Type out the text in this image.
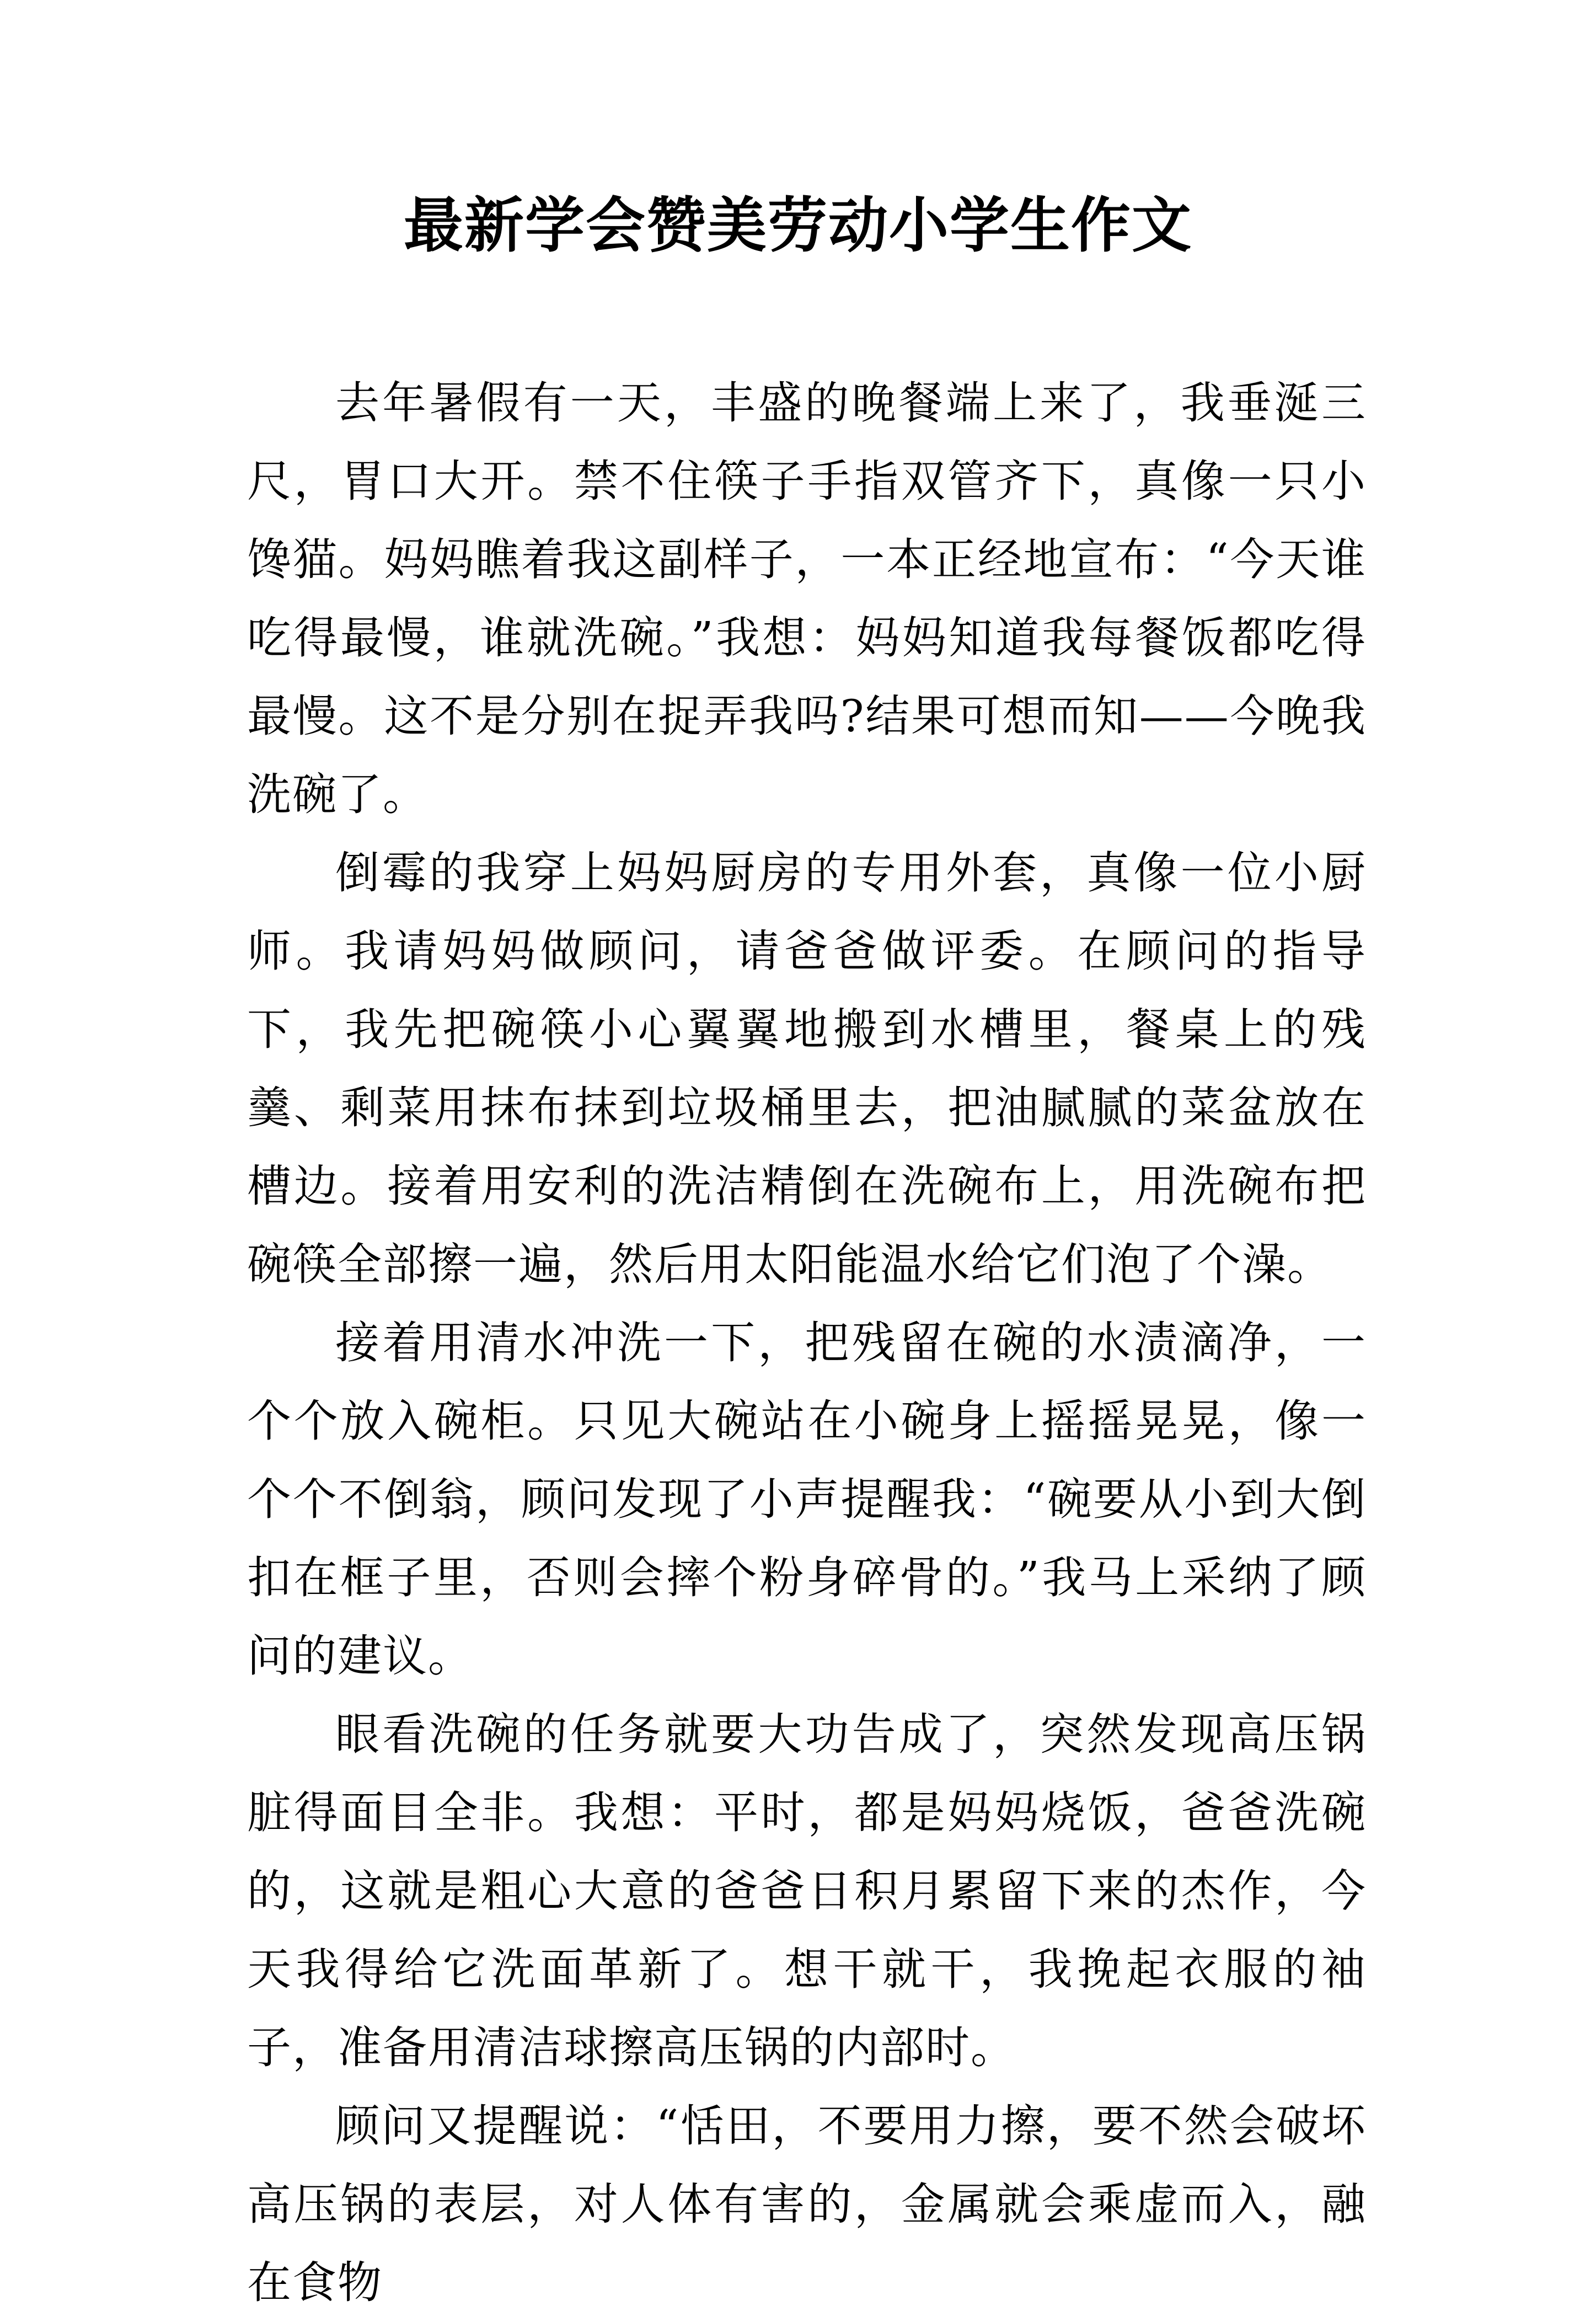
最新学会赞美劳动小学生作文

去年暑假有一天，丰盛的晚餐端上来了，我垂涎三尺，胃口大开。禁不住筷子手指双管齐下，真像一只小馋猫。妈妈瞧着我这副样子，一本正经地宣布：“今天谁吃得最慢，谁就洗碗。”我想：妈妈知道我每餐饭都吃得最慢。这不是分别在捉弄我吗?结果可想而知——今晚我洗碗了。

倒霉的我穿上妈妈厨房的专用外套，真像一位小厨师。我请妈妈做顾问，请爸爸做评委。在顾问的指导下，我先把碗筷小心翼翼地搬到水槽里，餐桌上的残羹、剩菜用抹布抹到垃圾桶里去，把油腻腻的菜盆放在槽边。接着用安利的洗洁精倒在洗碗布上，用洗碗布把碗筷全部擦一遍，然后用太阳能温水给它们泡了个澡。

接着用清水冲洗一下，把残留在碗的水渍滴净，一个个放入碗柜。只见大碗站在小碗身上摇摇晃晃，像一个个不倒翁，顾问发现了小声提醒我：“碗要从小到大倒扣在框子里，否则会摔个粉身碎骨的。”我马上采纳了顾问的建议。

眼看洗碗的任务就要大功告成了，突然发现高压锅脏得面目全非。我想：平时，都是妈妈烧饭，爸爸洗碗的，这就是粗心大意的爸爸日积月累留下来的杰作，今天我得给它洗面革新了。想干就干，我挽起衣服的袖子，准备用清洁球擦高压锅的内部时。

顾问又提醒说：“恬田，不要用力擦，要不然会破坏高压锅的表层，对人体有害的，金属就会乘虚而入，融在食物
